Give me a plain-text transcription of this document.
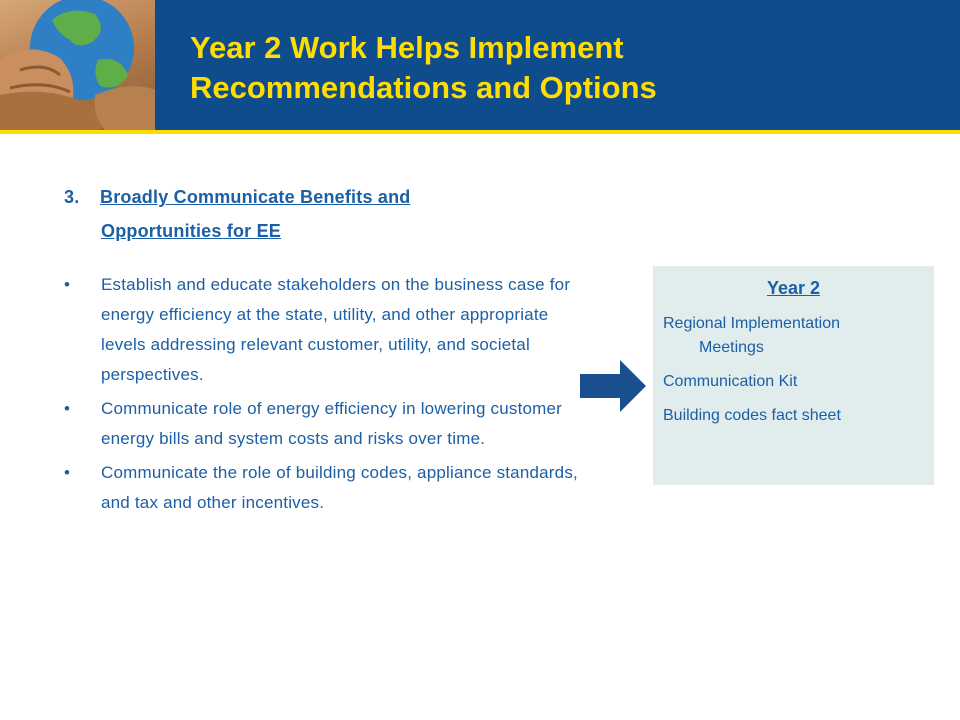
Year 2 Work Helps Implement
Recommendations and Options
3. Broadly Communicate Benefits and
Opportunities for EE
•	Establish and educate stakeholders on the business case for energy efficiency at the state, utility, and other appropriate levels addressing relevant customer, utility, and societal perspectives.
•	Communicate role of energy efficiency in lowering customer energy bills and system costs and risks over time.
•	Communicate the role of building codes, appliance standards, and tax and other incentives.
Year 2
Regional Implementation
Meetings
Communication Kit
Building codes fact sheet
